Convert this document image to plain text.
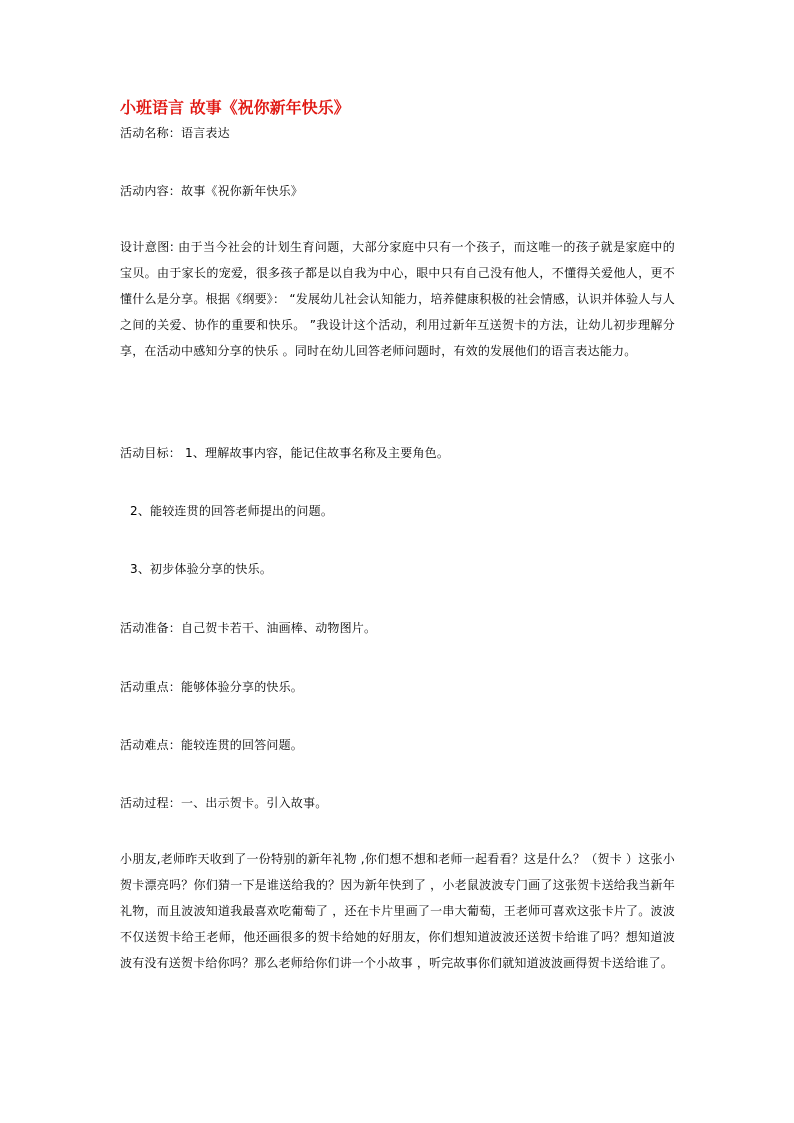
小班语言 故事《祝你新年快乐》
活动名称：语言表达
活动内容：故事《祝你新年快乐》
设计意图: 由于当今社会的计划生育问题，大部分家庭中只有一个孩子，而这唯一的孩子就是家庭中的宝贝。由于家长的宠爱，很多孩子都是以自我为中心，眼中只有自己没有他人，不懂得关爱他人，更不懂什么是分享。根据《纲要》： “发展幼儿社会认知能力，培养健康积极的社会情感，认识并体验人与人之间的关爱、协作的重要和快乐。 ”我设计这个活动，利用过新年互送贺卡的方法，让幼儿初步理解分享，在活动中感知分享的快乐 。同时在幼儿回答老师问题时，有效的发展他们的语言表达能力。
活动目标： 1、理解故事内容，能记住故事名称及主要角色。
2、能较连贯的回答老师提出的问题。
3、初步体验分享的快乐。
活动准备：自己贺卡若干、油画棒、动物图片。
活动重点：能够体验分享的快乐。
活动难点：能较连贯的回答问题。
活动过程：一、出示贺卡。引入故事。
小朋友,老师昨天收到了一份特别的新年礼物 ,你们想不想和老师一起看看？这是什么？（贺卡 ）这张小贺卡漂亮吗？你们猜一下是谁送给我的？因为新年快到了 ，小老鼠波波专门画了这张贺卡送给我当新年礼物，而且波波知道我最喜欢吃葡萄了 ，还在卡片里画了一串大葡萄，王老师可喜欢这张卡片了。波波不仅送贺卡给王老师，他还画很多的贺卡给她的好朋友，你们想知道波波还送贺卡给谁了吗？想知道波波有没有送贺卡给你吗？那么老师给你们讲一个小故事 ，听完故事你们就知道波波画得贺卡送给谁了。
